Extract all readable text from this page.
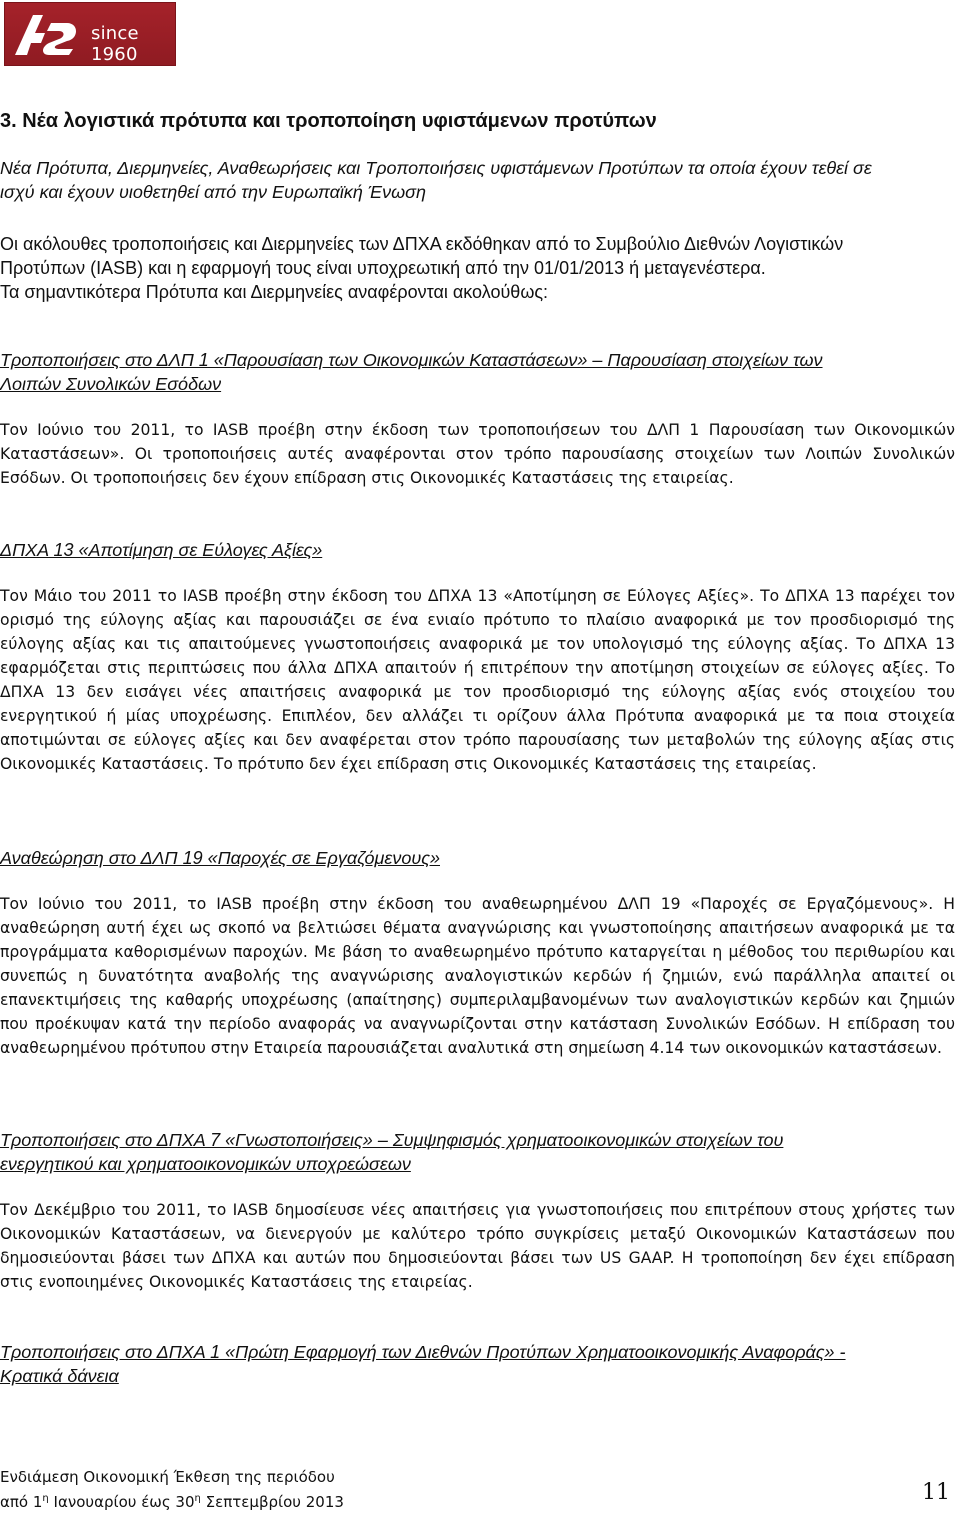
since 1960
3. Νέα λογιστικά πρότυπα και τροποποίηση υφιστάμενων προτύπων

Νέα Πρότυπα, Διερμηνείες, Αναθεωρήσεις και Τροποποιήσεις υφιστάμενων Προτύπων τα οποία έχουν τεθεί σε

ισχύ και έχουν υιοθετηθεί από την Ευρωπαϊκή Ένωση

Οι ακόλουθες τροποποιήσεις και Διερμηνείες των ΔΠΧΑ εκδόθηκαν από το Συμβούλιο Διεθνών Λογιστικών

Προτύπων (IASB) και η εφαρμογή τους είναι υποχρεωτική από την 01/01/2013 ή μεταγενέστερα.

Τα σημαντικότερα Πρότυπα και Διερμηνείες αναφέρονται ακολούθως:

Τροποποιήσεις στο ΔΛΠ 1 «Παρουσίαση των Οικονομικών Καταστάσεων» – Παρουσίαση στοιχείων των

Λοιπών Συνολικών Εσόδων

Τον Ιούνιο του 2011, το IASB προέβη στην έκδοση των τροποποιήσεων του ΔΛΠ 1 Παρουσίαση των Οικονομικών Καταστάσεων». Οι τροποποιήσεις αυτές αναφέρονται στον τρόπο παρουσίασης στοιχείων των Λοιπών Συνολικών Εσόδων. Οι τροποποιήσεις δεν έχουν επίδραση στις Οικονομικές Καταστάσεις της εταιρείας.

ΔΠΧΑ 13 «Αποτίμηση σε Εύλογες Αξίες»

Τον Μάιο του 2011 το IASB προέβη στην έκδοση του ΔΠΧΑ 13 «Αποτίμηση σε Εύλογες Αξίες». Το ΔΠΧΑ 13 παρέχει τον ορισμό της εύλογης αξίας και παρουσιάζει σε ένα ενιαίο πρότυπο το πλαίσιο αναφορικά με τον προσδιορισμό της εύλογης αξίας και τις απαιτούμενες γνωστοποιήσεις αναφορικά με τον υπολογισμό της εύλογης αξίας. Το ΔΠΧΑ 13 εφαρμόζεται στις περιπτώσεις που άλλα ΔΠΧΑ απαιτούν ή επιτρέπουν την αποτίμηση στοιχείων σε εύλογες αξίες. Το ΔΠΧΑ 13 δεν εισάγει νέες απαιτήσεις αναφορικά με τον προσδιορισμό της εύλογης αξίας ενός στοιχείου του ενεργητικού ή μίας υποχρέωσης. Επιπλέον, δεν αλλάζει τι ορίζουν άλλα Πρότυπα αναφορικά με τα ποια στοιχεία αποτιμώνται σε εύλογες αξίες και δεν αναφέρεται στον τρόπο παρουσίασης των μεταβολών της εύλογης αξίας στις Οικονομικές Καταστάσεις. Το πρότυπο δεν έχει επίδραση στις Οικονομικές Καταστάσεις της εταιρείας.

Αναθεώρηση στο ΔΛΠ 19 «Παροχές σε Εργαζόμενους»

Τον Ιούνιο του 2011, το IASB προέβη στην έκδοση του αναθεωρημένου ΔΛΠ 19 «Παροχές σε Εργαζόμενους». Η αναθεώρηση αυτή έχει ως σκοπό να βελτιώσει θέματα αναγνώρισης και γνωστοποίησης απαιτήσεων αναφορικά με τα προγράμματα καθορισμένων παροχών. Με βάση το αναθεωρημένο πρότυπο καταργείται η μέθοδος του περιθωρίου και συνεπώς η δυνατότητα αναβολής της αναγνώρισης αναλογιστικών κερδών ή ζημιών, ενώ παράλληλα απαιτεί οι επανεκτιμήσεις της καθαρής υποχρέωσης (απαίτησης) συμπεριλαμβανομένων των αναλογιστικών κερδών και ζημιών που προέκυψαν κατά την περίοδο αναφοράς να αναγνωρίζονται στην κατάσταση Συνολικών Εσόδων. Η επίδραση του αναθεωρημένου πρότυπου στην Εταιρεία παρουσιάζεται αναλυτικά στη σημείωση 4.14 των οικονομικών καταστάσεων.

Τροποποιήσεις στο ΔΠΧΑ 7 «Γνωστοποιήσεις» – Συμψηφισμός χρηματοοικονομικών στοιχείων του

ενεργητικού και χρηματοοικονομικών υποχρεώσεων

Τον Δεκέμβριο του 2011, το IASB δημοσίευσε νέες απαιτήσεις για γνωστοποιήσεις που επιτρέπουν στους χρήστες των Οικονομικών Καταστάσεων, να διενεργούν με καλύτερο τρόπο συγκρίσεις μεταξύ Οικονομικών Καταστάσεων που δημοσιεύονται βάσει των ΔΠΧΑ και αυτών που δημοσιεύονται βάσει των US GAAP. Η τροποποίηση δεν έχει επίδραση στις ενοποιημένες Οικονομικές Καταστάσεις της εταιρείας.

Τροποποιήσεις στο ΔΠΧΑ 1 «Πρώτη Εφαρμογή των Διεθνών Προτύπων Χρηματοοικονομικής Αναφοράς» -

Κρατικά δάνεια

Ενδιάμεση Οικονομική Έκθεση της περιόδου
από $1^\eta$ Ιανουαρίου έως $30^\eta$ Σεπτεμβρίου 2013	11
